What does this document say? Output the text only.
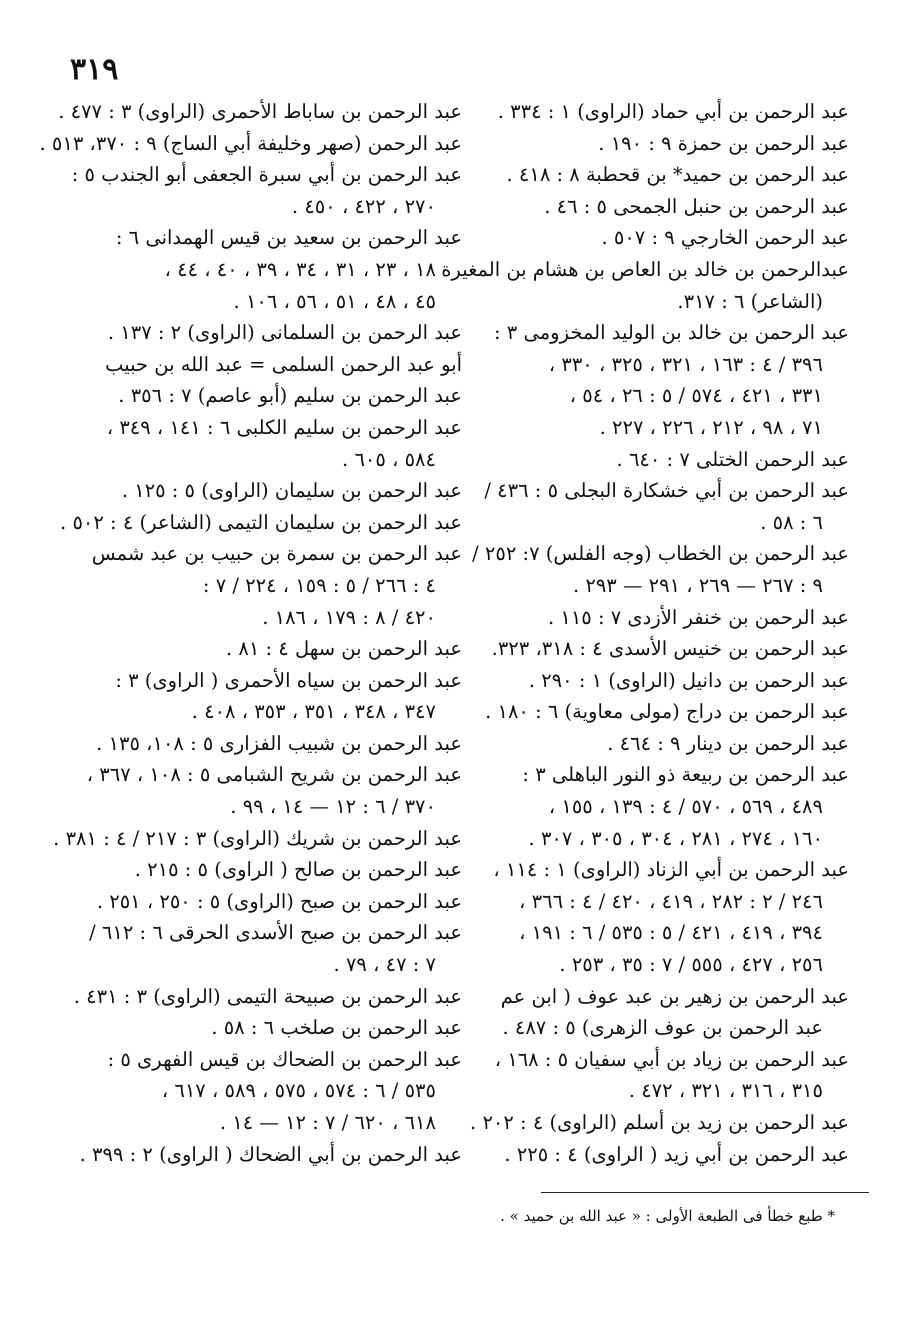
٣١٩
عبد الرحمن بن أبي حماد (الراوى) ١ : ٣٣٤ .
عبد الرحمن بن حمزة ٩ : ١٩٠ .
عبد الرحمن بن حميد* بن قحطبة ٨ : ٤١٨ .
عبد الرحمن بن حنبل الجمحى ٥ : ٤٦ .
عبد الرحمن الخارجي ٩ : ٥٠٧ .
عبدالرحمن بن خالد بن العاص بن هشام بن المغيرة
(الشاعر) ٦ : ٣١٧.
عبد الرحمن بن خالد بن الوليد المخزومى ٣ :
٣٩٦ / ٤ : ١٦٣ ، ٣٢١ ، ٣٢٥ ، ٣٣٠ ،
٣٣١ ، ٤٢١ ، ٥٧٤ / ٥ : ٢٦ ، ٥٤ ،
٧١ ، ٩٨ ، ٢١٢ ، ٢٢٦ ، ٢٢٧ .
عبد الرحمن الختلى ٧ : ٦٤٠ .
عبد الرحمن بن أبي خشكارة البجلى ٥ : ٤٣٦ /
٦ : ٥٨ .
عبد الرحمن بن الخطاب (وجه الفلس) ٧: ٢٥٢ /
٩ : ٢٦٧ — ٢٦٩ ، ٢٩١ — ٢٩٣ .
عبد الرحمن بن خنفر الأزدى ٧ : ١١٥ .
عبد الرحمن بن خنيس الأسدى ٤ : ٣١٨، ٣٢٣.
عبد الرحمن بن دانيل (الراوى) ١ : ٢٩٠ .
عبد الرحمن بن دراج (مولى معاوية) ٦ : ١٨٠ .
عبد الرحمن بن دينار ٩ : ٤٦٤ .
عبد الرحمن بن ربيعة ذو النور الباهلى ٣ :
٤٨٩ ، ٥٦٩ ، ٥٧٠ / ٤ : ١٣٩ ، ١٥٥ ،
١٦٠ ، ٢٧٤ ، ٢٨١ ، ٣٠٤ ، ٣٠٥ ، ٣٠٧ .
عبد الرحمن بن أبي الزناد (الراوى) ١ : ١١٤ ،
٢٤٦ / ٢ : ٢٨٢ ، ٤١٩ ، ٤٢٠ / ٤ : ٣٦٦ ،
٣٩٤ ، ٤١٩ ، ٤٢١ / ٥ : ٥٣٥ / ٦ : ١٩١ ،
٢٥٦ ، ٤٢٧ ، ٥٥٥ / ٧ : ٣٥ ، ٢٥٣ .
عبد الرحمن بن زهير بن عبد عوف ( ابن عم
عبد الرحمن بن عوف الزهرى) ٥ : ٤٨٧ .
عبد الرحمن بن زياد بن أبي سفيان ٥ : ١٦٨ ،
٣١٥ ، ٣١٦ ، ٣٢١ ، ٤٧٢ .
عبد الرحمن بن زيد بن أسلم (الراوى) ٤ : ٢٠٢ .
عبد الرحمن بن أبي زيد ( الراوى) ٤ : ٢٢٥ .
عبد الرحمن بن ساباط الأحمرى (الراوى) ٣ : ٤٧٧ .
عبد الرحمن (صهر وخليفة أبي الساج) ٩ : ٣٧٠، ٥١٣ .
عبد الرحمن بن أبي سبرة الجعفى أبو الجندب ٥ :
٢٧٠ ، ٤٢٢ ، ٤٥٠ .
عبد الرحمن بن سعيد بن قيس الهمدانى ٦ :
١٨ ، ٢٣ ، ٣١ ، ٣٤ ، ٣٩ ، ٤٠ ، ٤٤ ،
٤٥ ، ٤٨ ، ٥١ ، ٥٦ ، ١٠٦ .
عبد الرحمن بن السلمانى (الراوى) ٢ : ١٣٧ .
أبو عبد الرحمن السلمى = عبد الله بن حبيب
عبد الرحمن بن سليم (أبو عاصم) ٧ : ٣٥٦ .
عبد الرحمن بن سليم الكلبى ٦ : ١٤١ ، ٣٤٩ ،
٥٨٤ ، ٦٠٥ .
عبد الرحمن بن سليمان (الراوى) ٥ : ١٢٥ .
عبد الرحمن بن سليمان التيمى (الشاعر) ٤ : ٥٠٢ .
عبد الرحمن بن سمرة بن حبيب بن عبد شمس
٤ : ٢٦٦ / ٥ : ١٥٩ ، ٢٢٤ / ٧ :
٤٢٠ / ٨ : ١٧٩ ، ١٨٦ .
عبد الرحمن بن سهل ٤ : ٨١ .
عبد الرحمن بن سياه الأحمرى ( الراوى) ٣ :
٣٤٧ ، ٣٤٨ ، ٣٥١ ، ٣٥٣ ، ٤٠٨ .
عبد الرحمن بن شبيب الفزارى ٥ : ١٠٨، ١٣٥ .
عبد الرحمن بن شريح الشبامى ٥ : ١٠٨ ، ٣٦٧ ،
٣٧٠ / ٦ : ١٢ — ١٤ ، ٩٩ .
عبد الرحمن بن شريك (الراوى) ٣ : ٢١٧ / ٤ : ٣٨١ .
عبد الرحمن بن صالح ( الراوى) ٥ : ٢١٥ .
عبد الرحمن بن صبح (الراوى) ٥ : ٢٥٠ ، ٢٥١ .
عبد الرحمن بن صبح الأسدى الحرقى ٦ : ٦١٢ /
٧ : ٤٧ ، ٧٩ .
عبد الرحمن بن صبيحة التيمى (الراوى) ٣ : ٤٣١ .
عبد الرحمن بن صلخب ٦ : ٥٨ .
عبد الرحمن بن الضحاك بن قيس الفهرى ٥ :
٥٣٥ / ٦ : ٥٧٤ ، ٥٧٥ ، ٥٨٩ ، ٦١٧ ،
٦١٨ ، ٦٢٠ / ٧ : ١٢ — ١٤ .
عبد الرحمن بن أبي الضحاك ( الراوى) ٢ : ٣٩٩ .
* طبع خطأ فى الطبعة الأولى : « عبد الله بن حميد » .
